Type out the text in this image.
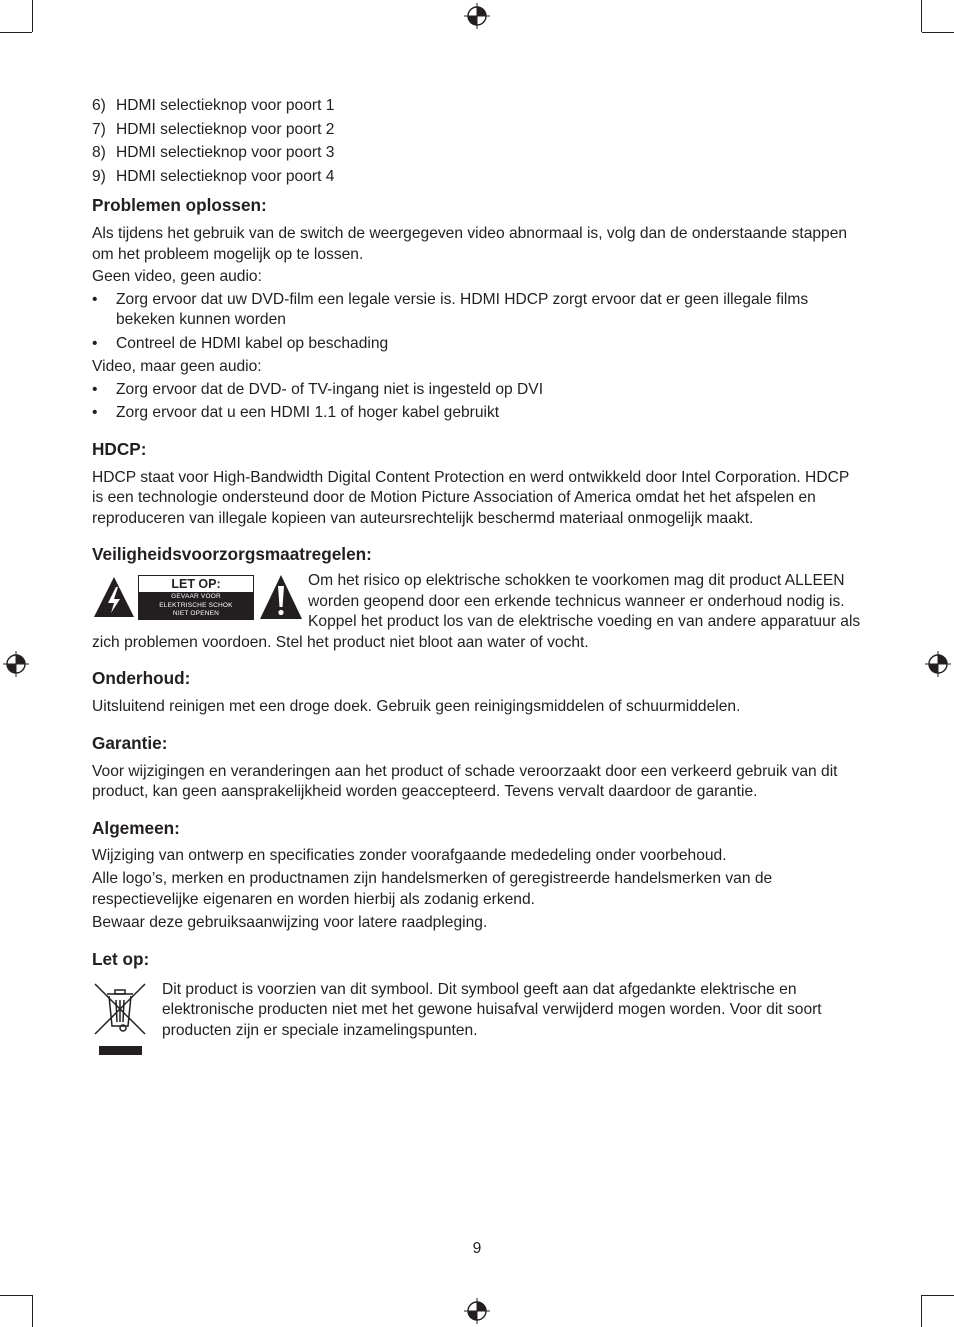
6) HDMI selectieknop voor poort 1
7) HDMI selectieknop voor poort 2
8) HDMI selectieknop voor poort 3
9) HDMI selectieknop voor poort 4
Problemen oplossen:

Als tijdens het gebruik van de switch de weergegeven video abnormaal is, volg dan de onderstaande stappen om het probleem mogelijk op te lossen.

Geen video, geen audio:

•	Zorg ervoor dat uw DVD-film een legale versie is. HDMI HDCP zorgt ervoor dat er geen illegale films bekeken kunnen worden
•	Contreel de HDMI kabel op beschading

Video, maar geen audio:

•	Zorg ervoor dat de DVD- of TV-ingang niet is ingesteld op DVI
•	Zorg ervoor dat u een HDMI 1.1 of hoger kabel gebruikt
HDCP:

HDCP staat voor High-Bandwidth Digital Content Protection en werd ontwikkeld door Intel Corporation. HDCP is een technologie ondersteund door de Motion Picture Association of America omdat het het afspelen en reproduceren van illegale kopieen van auteursrechtelijk beschermd materiaal onmogelijk maakt.

Veiligheidsvoorzorgsmaatregelen:
LET OP:
GEVAAR VOOR
ELEKTRISCHE SCHOK
NIET OPENEN

Om het risico op elektrische schokken te voorkomen mag dit product ALLEEN worden geopend door een erkende technicus wanneer er onderhoud nodig is. Koppel het product los van de elektrische voeding en van andere apparatuur als zich problemen voordoen. Stel het product niet bloot aan water of vocht.

Onderhoud:

Uitsluitend reinigen met een droge doek. Gebruik geen reinigingsmiddelen of schuurmiddelen.

Garantie:

Voor wijzigingen en veranderingen aan het product of schade veroorzaakt door een verkeerd gebruik van dit product, kan geen aansprakelijkheid worden geaccepteerd. Tevens vervalt daardoor de garantie.

Algemeen:

Wijziging van ontwerp en specificaties zonder voorafgaande mededeling onder voorbehoud.

Alle logo’s, merken en productnamen zijn handelsmerken of geregistreerde handelsmerken van de respectievelijke eigenaren en worden hierbij als zodanig erkend.

Bewaar deze gebruiksaanwijzing voor latere raadpleging.

Let op:

Dit product is voorzien van dit symbool. Dit symbool geeft aan dat afgedankte elektrische en elektronische producten niet met het gewone huisafval verwijderd mogen worden. Voor dit soort producten zijn er speciale inzamelingspunten.

9
